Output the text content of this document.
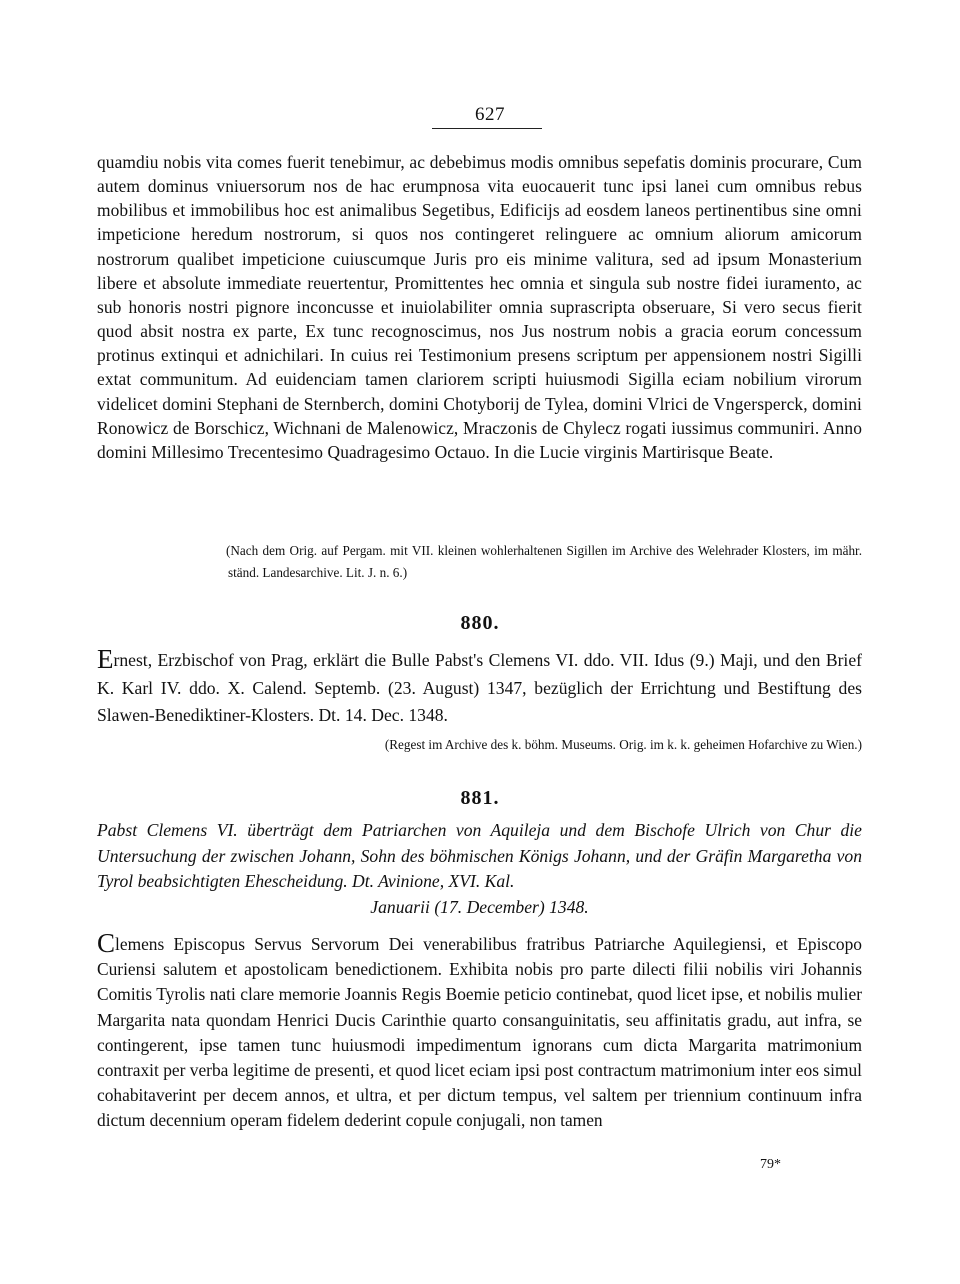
627
quamdiu nobis vita comes fuerit tenebimur, ac debebimus modis omnibus sepefatis dominis procurare, Cum autem dominus vniuersorum nos de hac erumpnosa vita euocauerit tunc ipsi lanei cum omnibus rebus mobilibus et immobilibus hoc est animalibus Segetibus, Edificijs ad eosdem laneos pertinentibus sine omni impeticione heredum nostrorum, si quos nos contingeret relinguere ac omnium aliorum amicorum nostrorum qualibet impeticione cuiuscumque Juris pro eis minime valitura, sed ad ipsum Monasterium libere et absolute immediate reuertentur, Promittentes hec omnia et singula sub nostre fidei iuramento, ac sub honoris nostri pignore inconcusse et inuiolabiliter omnia suprascripta obseruare, Si vero secus fierit quod absit nostra ex parte, Ex tunc recognoscimus, nos Jus nostrum nobis a gracia eorum concessum protinus extinqui et adnichilari. In cuius rei Testimonium presens scriptum per appensionem nostri Sigilli extat communitum. Ad euidenciam tamen clariorem scripti huiusmodi Sigilla eciam nobilium virorum videlicet domini Stephani de Sternberch, domini Chotyborij de Tylea, domini Vlrici de Vngersperck, domini Ronowicz de Borschicz, Wichnani de Malenowicz, Mraczonis de Chylecz rogati iussimus communiri. Anno domini Millesimo Trecentesimo Quadragesimo Octauo. In die Lucie virginis Martirisque Beate.
(Nach dem Orig. auf Pergam. mit VII. kleinen wohlerhaltenen Sigillen im Archive des Welehrader Klosters, im mähr. ständ. Landesarchive. Lit. J. n. 6.)
880.
Ernest, Erzbischof von Prag, erklärt die Bulle Pabst's Clemens VI. ddo. VII. Idus (9.) Maji, und den Brief K. Karl IV. ddo. X. Calend. Septemb. (23. August) 1347, bezüglich der Errichtung und Bestiftung des Slawen-Benediktiner-Klosters. Dt. 14. Dec. 1348.
(Regest im Archive des k. böhm. Museums. Orig. im k. k. geheimen Hofarchive zu Wien.)
881.
Pabst Clemens VI. überträgt dem Patriarchen von Aquileja und dem Bischofe Ulrich von Chur die Untersuchung der zwischen Johann, Sohn des böhmischen Königs Johann, und der Gräfin Margaretha von Tyrol beabsichtigten Ehescheidung. Dt. Avinione, XVI. Kal.
Januarii (17. December) 1348.
Clemens Episcopus Servus Servorum Dei venerabilibus fratribus Patriarche Aquilegiensi, et Episcopo Curiensi salutem et apostolicam benedictionem. Exhibita nobis pro parte dilecti filii nobilis viri Johannis Comitis Tyrolis nati clare memorie Joannis Regis Boemie peticio continebat, quod licet ipse, et nobilis mulier Margarita nata quondam Henrici Ducis Carinthie quarto consanguinitatis, seu affinitatis gradu, aut infra, se contingerent, ipse tamen tunc huiusmodi impedimentum ignorans cum dicta Margarita matrimonium contraxit per verba legitime de presenti, et quod licet eciam ipsi post contractum matrimonium inter eos simul cohabitaverint per decem annos, et ultra, et per dictum tempus, vel saltem per triennium continuum infra dictum decennium operam fidelem dederint copule conjugali, non tamen
79*
